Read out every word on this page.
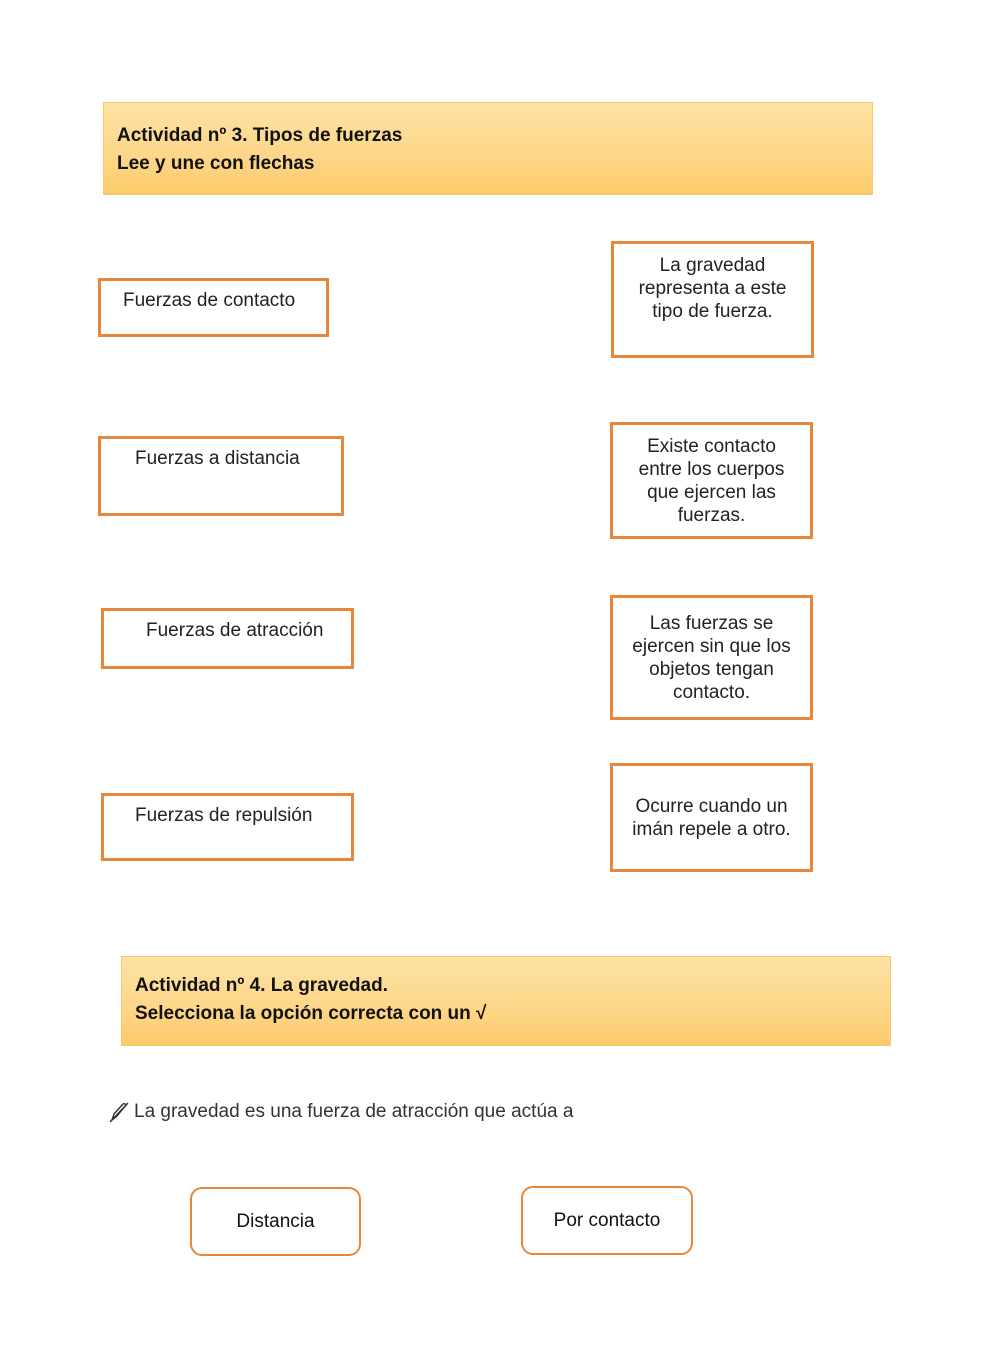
Actividad nº 3. Tipos de fuerzas
Lee y une con flechas
Fuerzas de contacto
Fuerzas a distancia
Fuerzas de atracción
Fuerzas de repulsión
La gravedad representa a este tipo de fuerza.
Existe contacto entre los cuerpos que ejercen las fuerzas.
Las fuerzas se ejercen sin que los objetos tengan contacto.
Ocurre cuando un imán repele a otro.
Actividad nº 4. La gravedad.
Selecciona la opción correcta con un √
La gravedad es una fuerza de atracción que actúa a
Distancia	Por contacto
